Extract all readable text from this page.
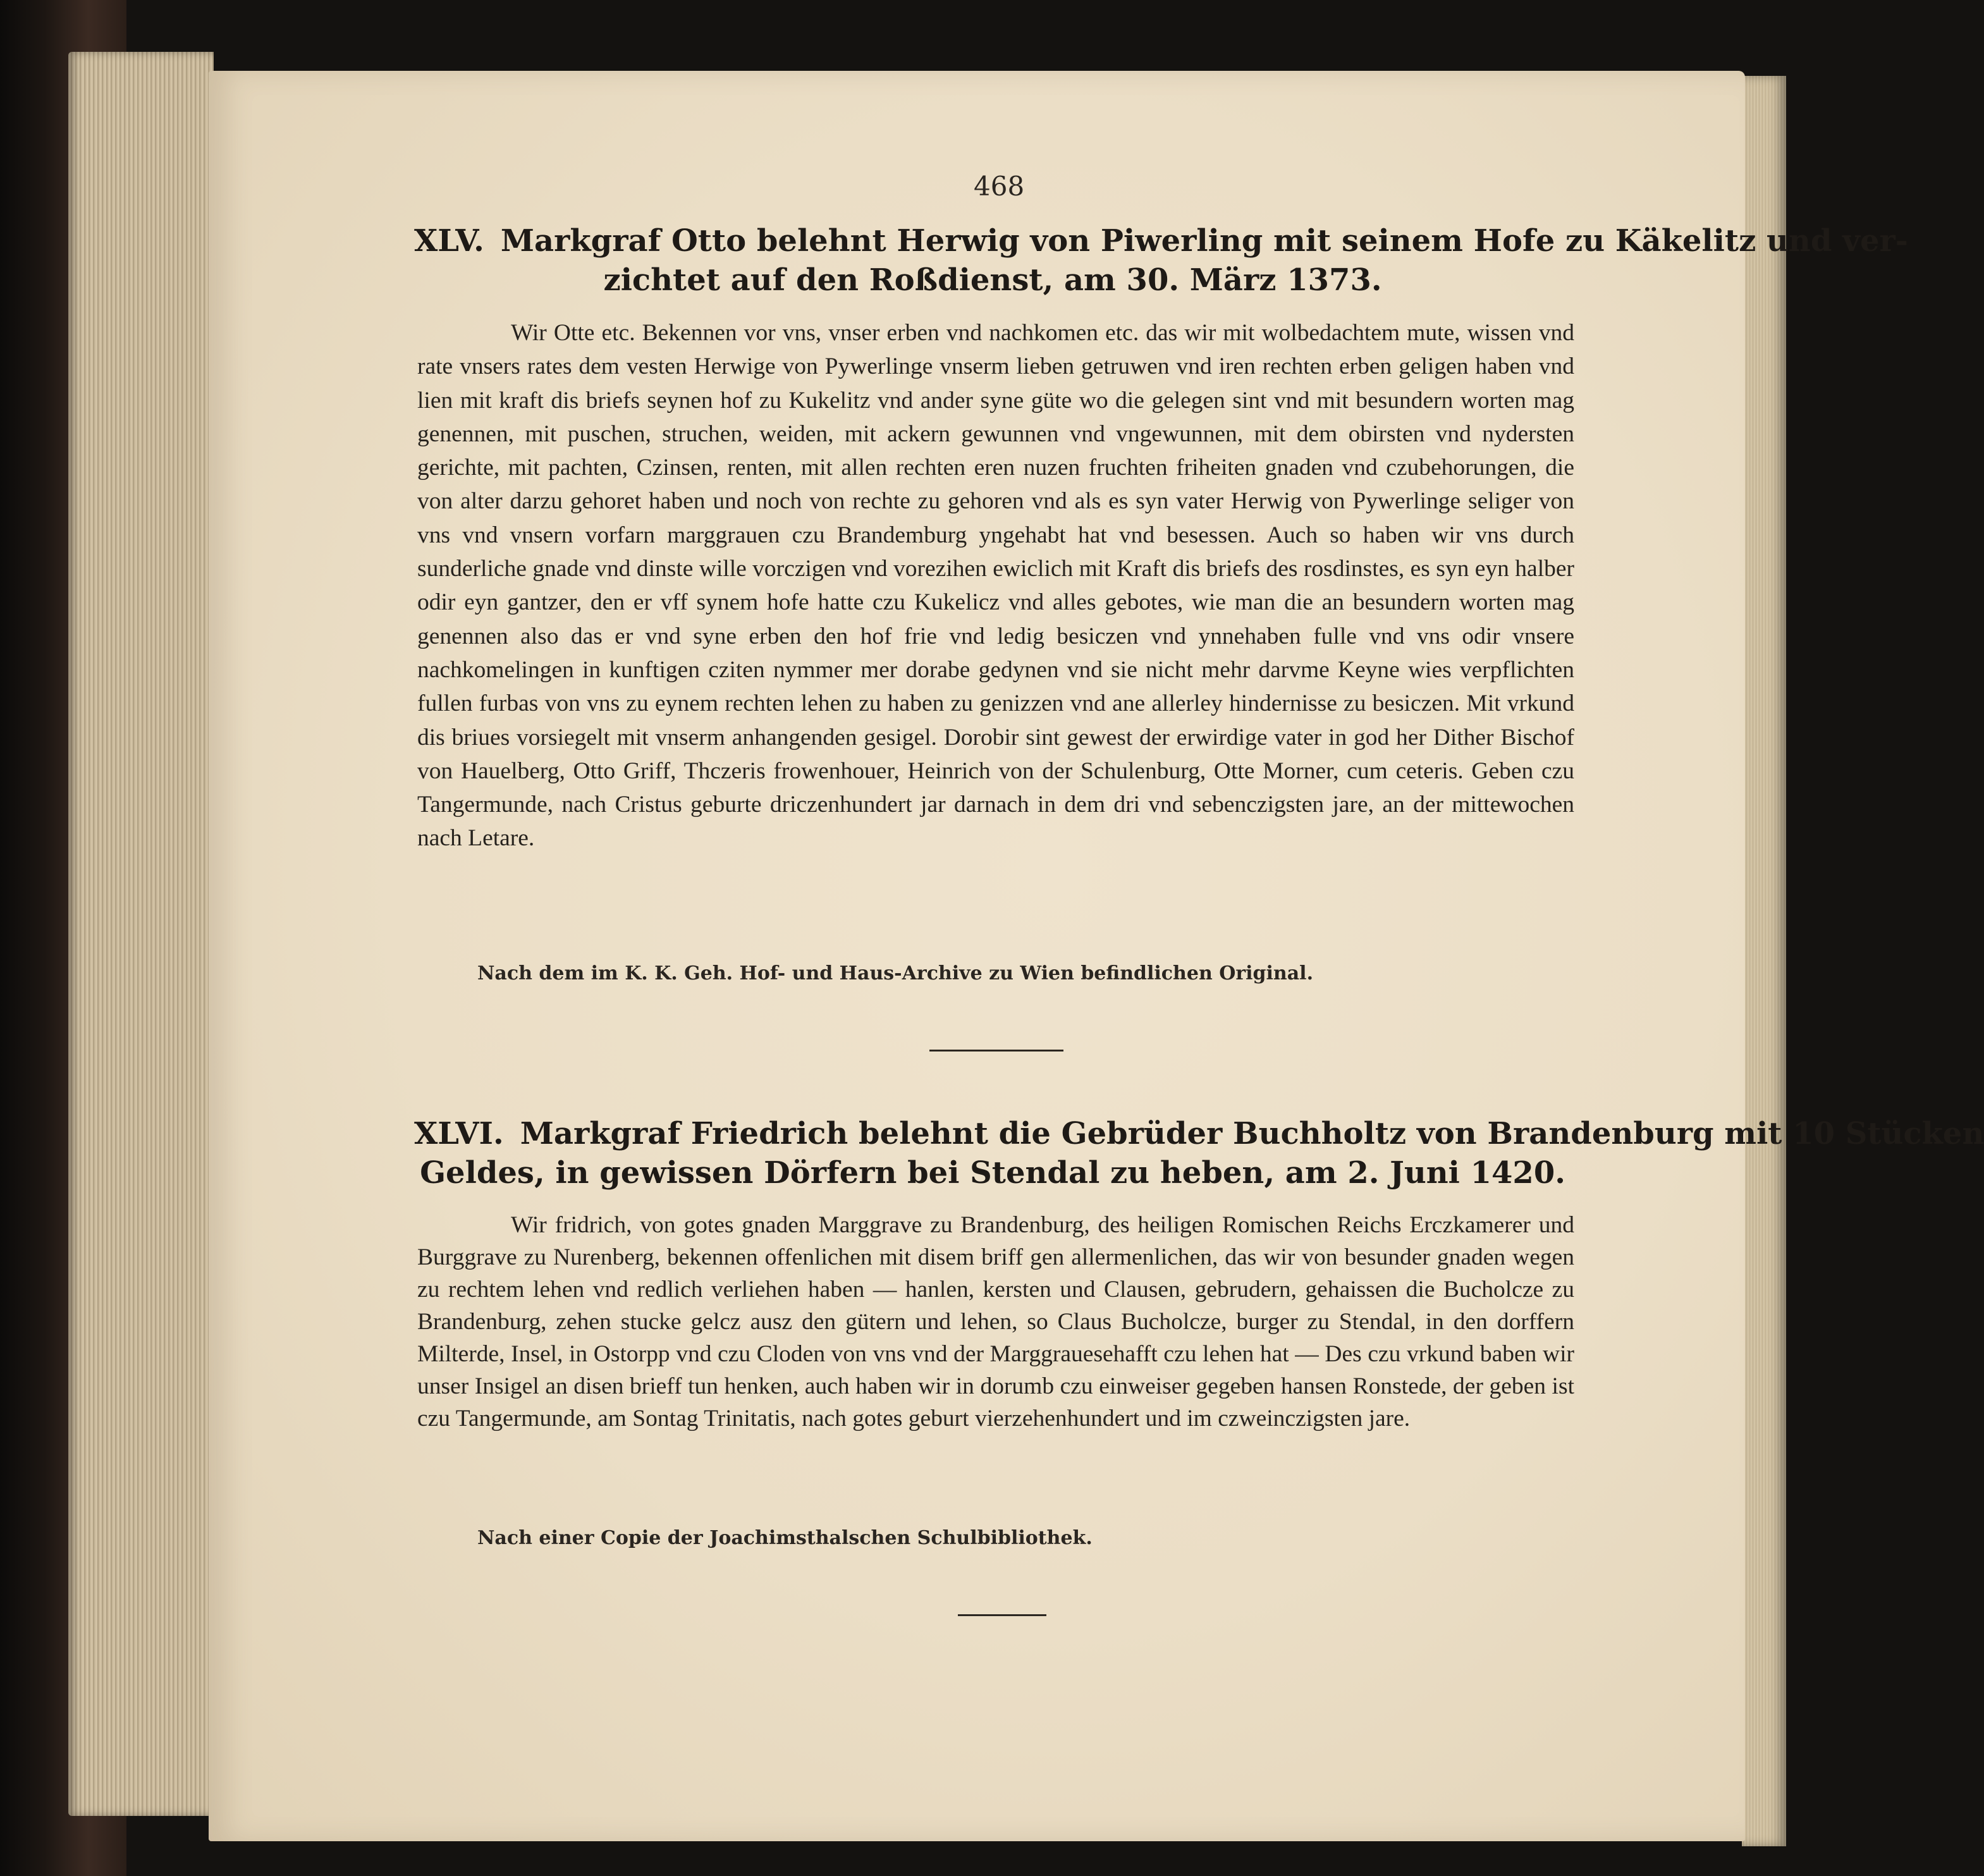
468
XLV. Markgraf Otto belehnt Herwig von Piwerling mit seinem Hofe zu Käkelitz und ver-
zichtet auf den Roßdienst, am 30. März 1373.

Wir Otte etc. Bekennen vor vns, vnser erben vnd nachkomen etc. das wir mit wolbedachtem mute, wissen vnd rate vnsers rates dem vesten Herwige von Pywerlinge vnserm lieben getruwen vnd iren rechten erben geligen haben vnd lien mit kraft dis briefs seynen hof zu Kukelitz vnd ander syne güte wo die gelegen sint vnd mit besundern worten mag genennen, mit puschen, struchen, weiden, mit ackern gewunnen vnd vngewunnen, mit dem obirsten vnd nydersten gerichte, mit pachten, Czinsen, renten, mit allen rechten eren nuzen fruchten friheiten gnaden vnd czubehorungen, die von alter darzu gehoret haben und noch von rechte zu gehoren vnd als es syn vater Herwig von Pywerlinge seliger von vns vnd vnsern vorfarn marggrauen czu Brandemburg yngehabt hat vnd besessen. Auch so haben wir vns durch sunderliche gnade vnd dinste wille vorczigen vnd vorezihen ewiclich mit Kraft dis briefs des rosdinstes, es syn eyn halber odir eyn gantzer, den er vff synem hofe hatte czu Kukelicz vnd alles gebotes, wie man die an besundern worten mag genennen also das er vnd syne erben den hof frie vnd ledig besiczen vnd ynnehaben fulle vnd vns odir vnsere nachkomelingen in kunftigen cziten nymmer mer dorabe gedynen vnd sie nicht mehr darvme Keyne wies verpflichten fullen furbas von vns zu eynem rechten lehen zu haben zu genizzen vnd ane allerley hindernisse zu besiczen. Mit vrkund dis briues vorsiegelt mit vnserm anhangenden gesigel. Dorobir sint gewest der erwirdige vater in god her Dither Bischof von Hauelberg, Otto Griff, Thczeris frowenhouer, Heinrich von der Schulenburg, Otte Morner, cum ceteris. Geben czu Tangermunde, nach Cristus geburte driczenhundert jar darnach in dem dri vnd sebenczigsten jare, an der mittewochen nach Letare.

Nach dem im K. K. Geh. Hof- und Haus-Archive zu Wien befindlichen Original.
XLVI. Markgraf Friedrich belehnt die Gebrüder Buchholtz von Brandenburg mit 10 Stücken
Geldes, in gewissen Dörfern bei Stendal zu heben, am 2. Juni 1420.

Wir fridrich, von gotes gnaden Marggrave zu Brandenburg, des heiligen Romischen Reichs Erczkamerer und Burggrave zu Nurenberg, bekennen offenlichen mit disem briff gen allermenlichen, das wir von besunder gnaden wegen zu rechtem lehen vnd redlich verliehen haben — hanlen, kersten und Clausen, gebrudern, gehaissen die Bucholcze zu Brandenburg, zehen stucke gelcz ausz den gütern und lehen, so Claus Bucholcze, burger zu Stendal, in den dorffern Milterde, Insel, in Ostorpp vnd czu Cloden von vns vnd der Marggrauesehafft czu lehen hat — Des czu vrkund baben wir unser Insigel an disen brieff tun henken, auch haben wir in dorumb czu einweiser gegeben hansen Ronstede, der geben ist czu Tangermunde, am Sontag Trinitatis, nach gotes geburt vierzehenhundert und im czweinczigsten jare.

Nach einer Copie der Joachimsthalschen Schulbibliothek.
